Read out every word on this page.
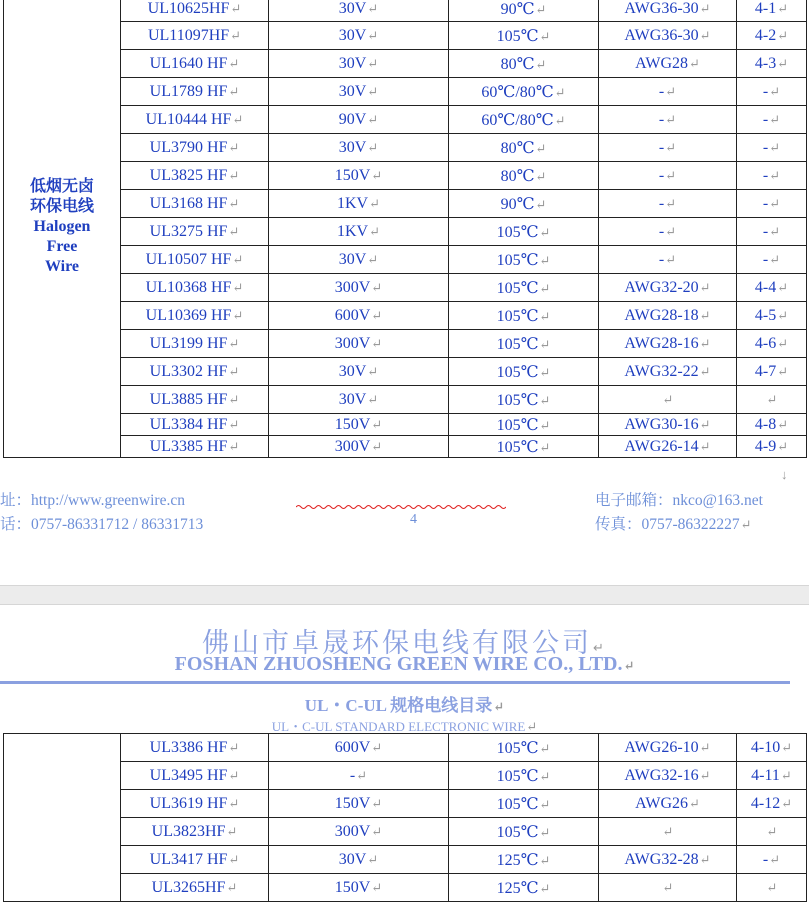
低烟无卤
环保电线
Halogen
Free
Wire	UL10625HF↵	30V↵	90℃↵	AWG36-30↵	4-1↵
	UL11097HF↵	30V↵	105℃↵	AWG36-30↵	4-2↵
	UL1640 HF↵	30V↵	80℃↵	AWG28↵	4-3↵
	UL1789 HF↵	30V↵	60℃/80℃↵	-↵	-↵
	UL10444 HF↵	90V↵	60℃/80℃↵	-↵	-↵
	UL3790 HF↵	30V↵	80℃↵	-↵	-↵
	UL3825 HF↵	150V↵	80℃↵	-↵	-↵
	UL3168 HF↵	1KV↵	90℃↵	-↵	-↵
	UL3275 HF↵	1KV↵	105℃↵	-↵	-↵
	UL10507 HF↵	30V↵	105℃↵	-↵	-↵
	UL10368 HF↵	300V↵	105℃↵	AWG32-20↵	4-4↵
	UL10369 HF↵	600V↵	105℃↵	AWG28-18↵	4-5↵
	UL3199 HF↵	300V↵	105℃↵	AWG28-16↵	4-6↵
	UL3302 HF↵	30V↵	105℃↵	AWG32-22↵	4-7↵
	UL3885 HF↵	30V↵	105℃↵	↵	↵
	UL3384 HF↵	150V↵	105℃↵	AWG30-16↵	4-8↵
	UL3385 HF↵	300V↵	105℃↵	AWG26-14↵	4-9↵
↓
址：http://www.greenwire.cn
话：0757-86331712 / 86331713
电子邮箱：nkco@163.net
传真：0757-86322227↵
4
佛山市卓晟环保电线有限公司↵
FOSHAN ZHUOSHENG GREEN WIRE CO., LTD.↵
UL・C-UL 规格电线目录↵
UL・C-UL STANDARD ELECTRONIC WIRE↵
	UL3386 HF↵	600V↵	105℃↵	AWG26-10↵	4-10↵
	UL3495 HF↵	-↵	105℃↵	AWG32-16↵	4-11↵
	UL3619 HF↵	150V↵	105℃↵	AWG26↵	4-12↵
	UL3823HF↵	300V↵	105℃↵	↵	↵
	UL3417 HF↵	30V↵	125℃↵	AWG32-28↵	-↵
	UL3265HF↵	150V↵	125℃↵	↵	↵
